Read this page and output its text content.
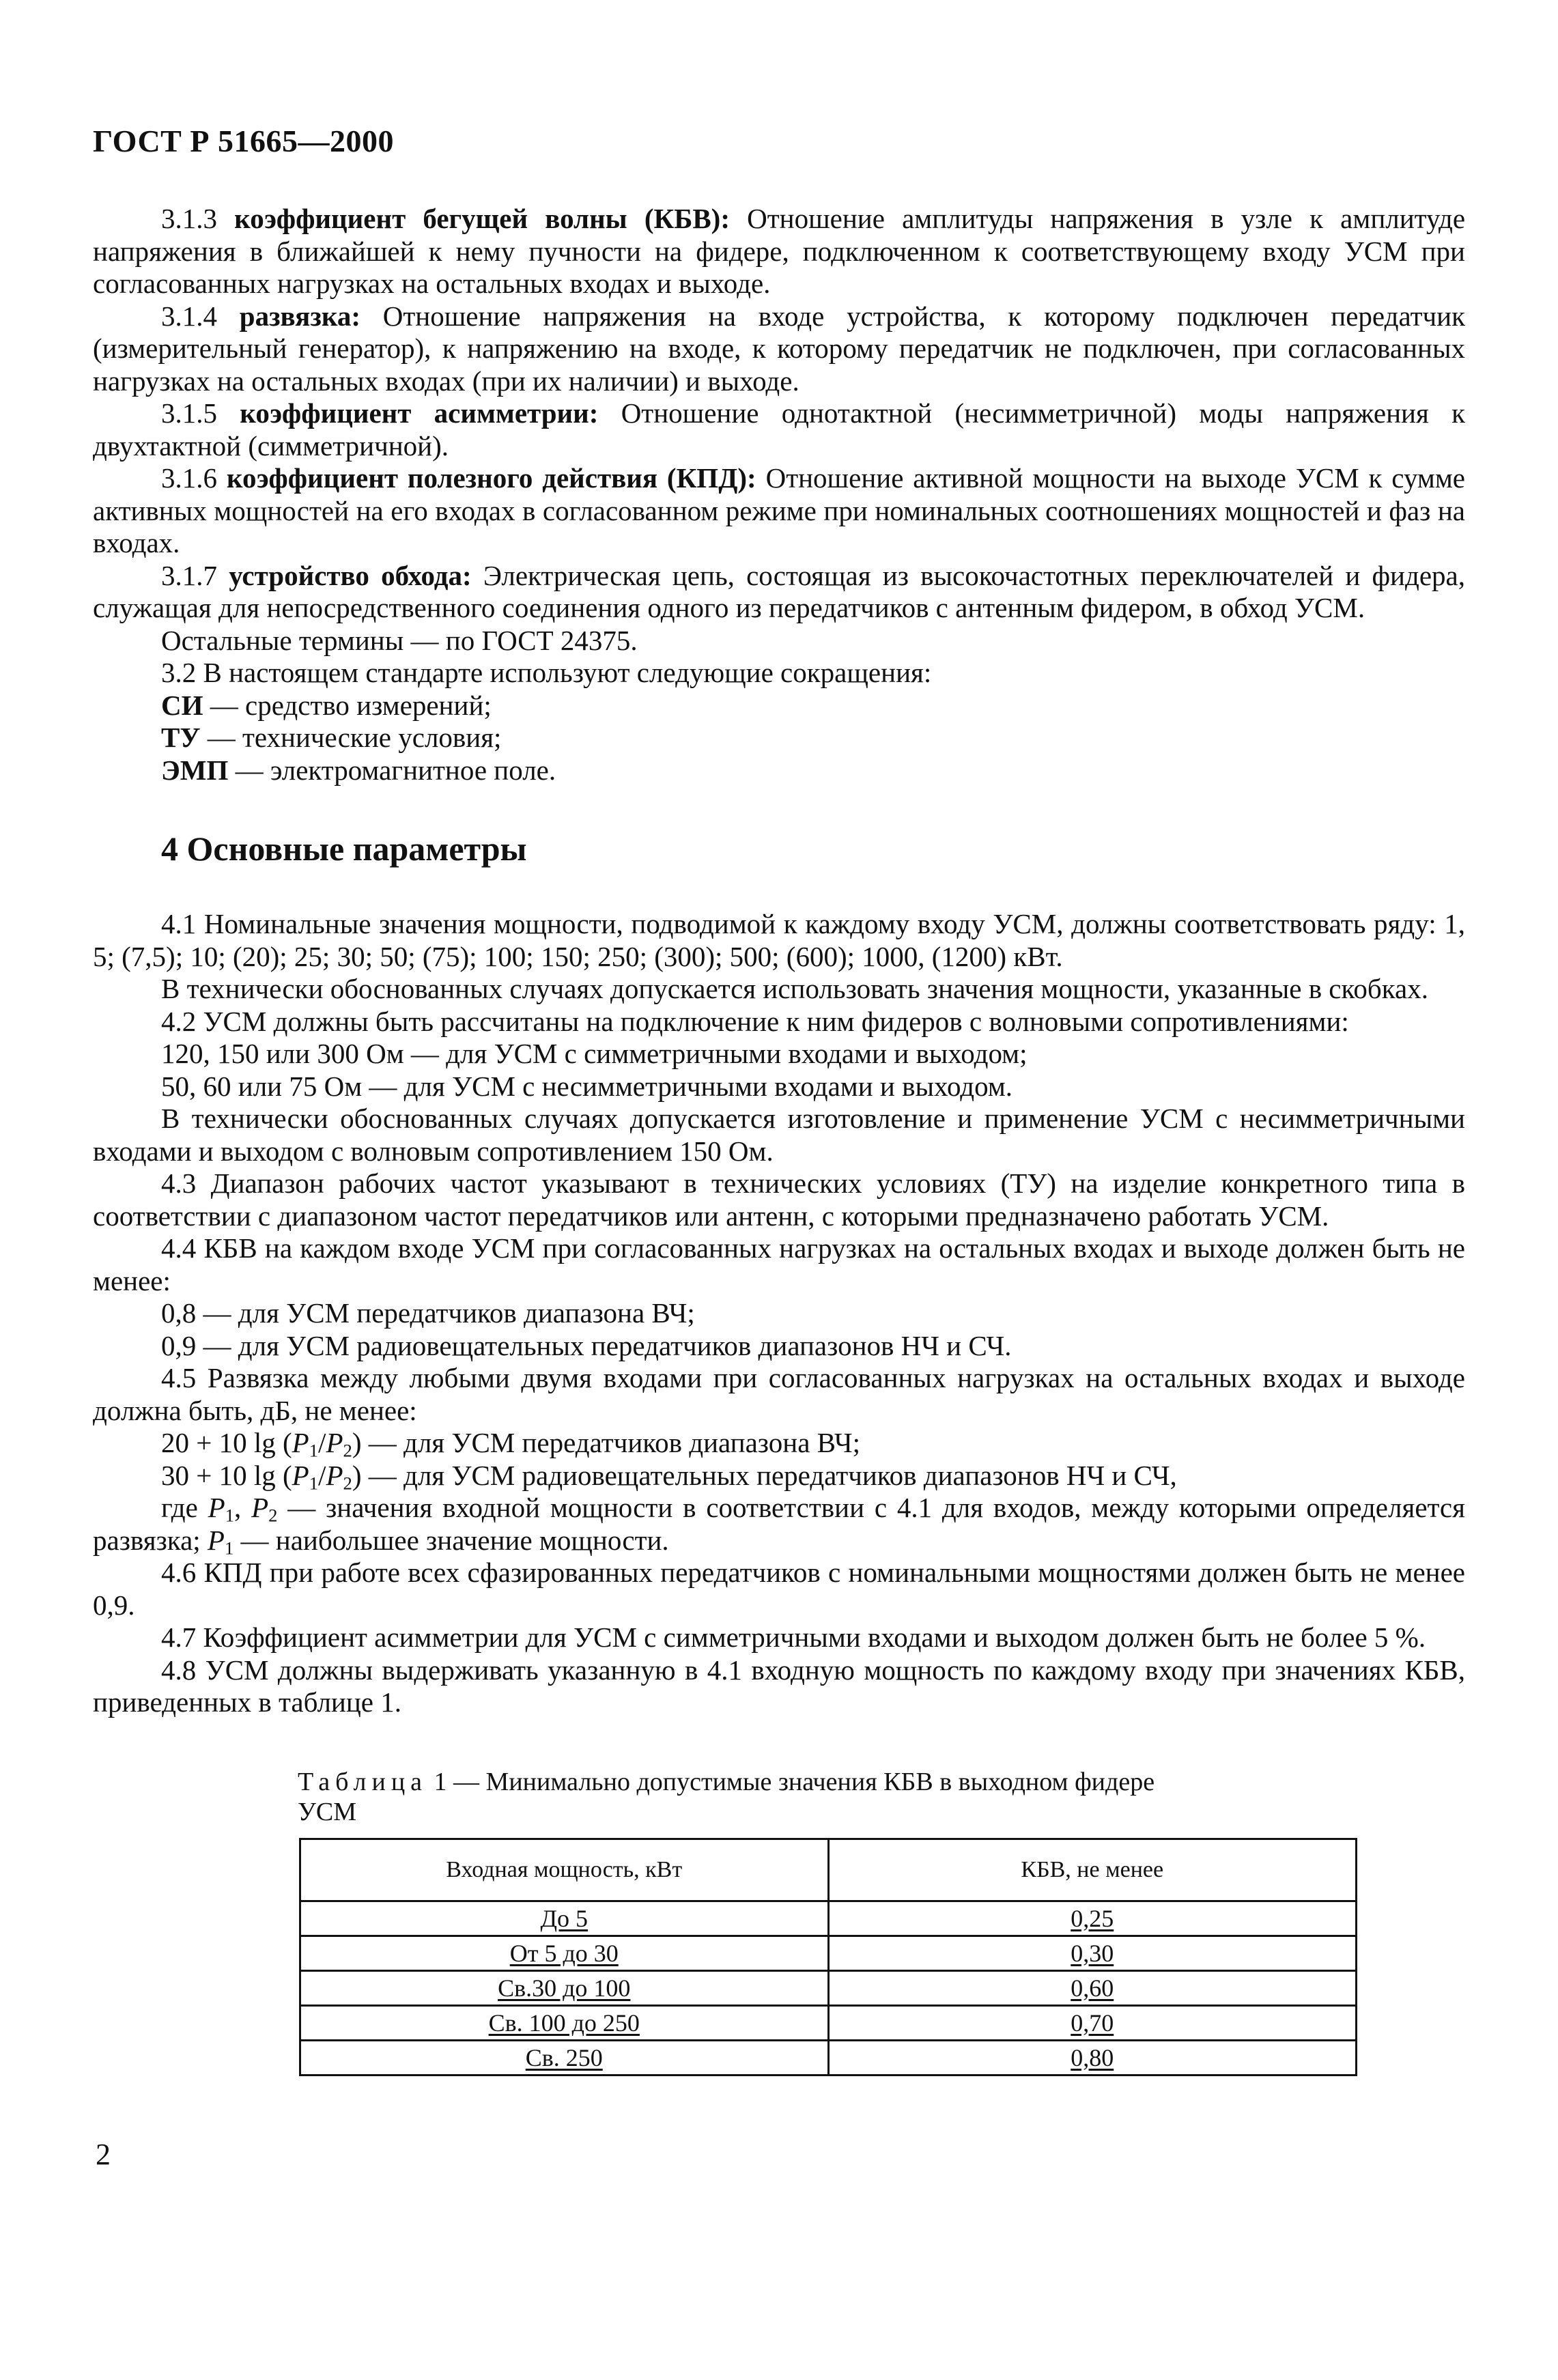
ГОСТ Р 51665—2000

3.1.3 коэффициент бегущей волны (КБВ): Отношение амплитуды напряжения в узле к амплитуде напряжения в ближайшей к нему пучности на фидере, подключенном к соответствующему входу УСМ при согласованных нагрузках на остальных входах и выходе.

3.1.4 развязка: Отношение напряжения на входе устройства, к которому подключен передатчик (измерительный генератор), к напряжению на входе, к которому передатчик не подключен, при согласованных нагрузках на остальных входах (при их наличии) и выходе.

3.1.5 коэффициент асимметрии: Отношение однотактной (несимметричной) моды напряжения к двухтактной (симметричной).

3.1.6 коэффициент полезного действия (КПД): Отношение активной мощности на выходе УСМ к сумме активных мощностей на его входах в согласованном режиме при номинальных соотношениях мощностей и фаз на входах.

3.1.7 устройство обхода: Электрическая цепь, состоящая из высокочастотных переключателей и фидера, служащая для непосредственного соединения одного из передатчиков с антенным фидером, в обход УСМ.

Остальные термины — по ГОСТ 24375.

3.2 В настоящем стандарте используют следующие сокращения:

СИ — средство измерений;

ТУ — технические условия;

ЭМП — электромагнитное поле.

4 Основные параметры

4.1 Номинальные значения мощности, подводимой к каждому входу УСМ, должны соответствовать ряду: 1, 5; (7,5); 10; (20); 25; 30; 50; (75); 100; 150; 250; (300); 500; (600); 1000, (1200) кВт.

В технически обоснованных случаях допускается использовать значения мощности, указанные в скобках.

4.2 УСМ должны быть рассчитаны на подключение к ним фидеров с волновыми сопротивлениями:

120, 150 или 300 Ом — для УСМ с симметричными входами и выходом;

50, 60 или 75 Ом — для УСМ с несимметричными входами и выходом.

В технически обоснованных случаях допускается изготовление и применение УСМ с несимметричными входами и выходом с волновым сопротивлением 150 Ом.

4.3 Диапазон рабочих частот указывают в технических условиях (ТУ) на изделие конкретного типа в соответствии с диапазоном частот передатчиков или антенн, с которыми предназначено работать УСМ.

4.4 КБВ на каждом входе УСМ при согласованных нагрузках на остальных входах и выходе должен быть не менее:

0,8 — для УСМ передатчиков диапазона ВЧ;

0,9 — для УСМ радиовещательных передатчиков диапазонов НЧ и СЧ.

4.5 Развязка между любыми двумя входами при согласованных нагрузках на остальных входах и выходе должна быть, дБ, не менее:

20 + 10 $\lg (P_1/P_2)$ — для УСМ передатчиков диапазона ВЧ;

30 + 10 $\lg (P_1/P_2)$ — для УСМ радиовещательных передатчиков диапазонов НЧ и СЧ,

где $P_1$, $P_2$ — значения входной мощности в соответствии с 4.1 для входов, между которыми определяется развязка; $P_1$ — наибольшее значение мощности.

4.6 КПД при работе всех сфазированных передатчиков с номинальными мощностями должен быть не менее 0,9.

4.7 Коэффициент асимметрии для УСМ с симметричными входами и выходом должен быть не более 5 %.

4.8 УСМ должны выдерживать указанную в 4.1 входную мощность по каждому входу при значениях КБВ, приведенных в таблице 1.

Таблица 1 — Минимально допустимые значения КБВ в выходном фидере УСМ
Входная мощность, кВт	КБВ, не менее
До 5	0,25
От 5 до 30	0,30
Св.30 до 100	0,60
Св. 100 до 250	0,70
Св. 250	0,80
2
